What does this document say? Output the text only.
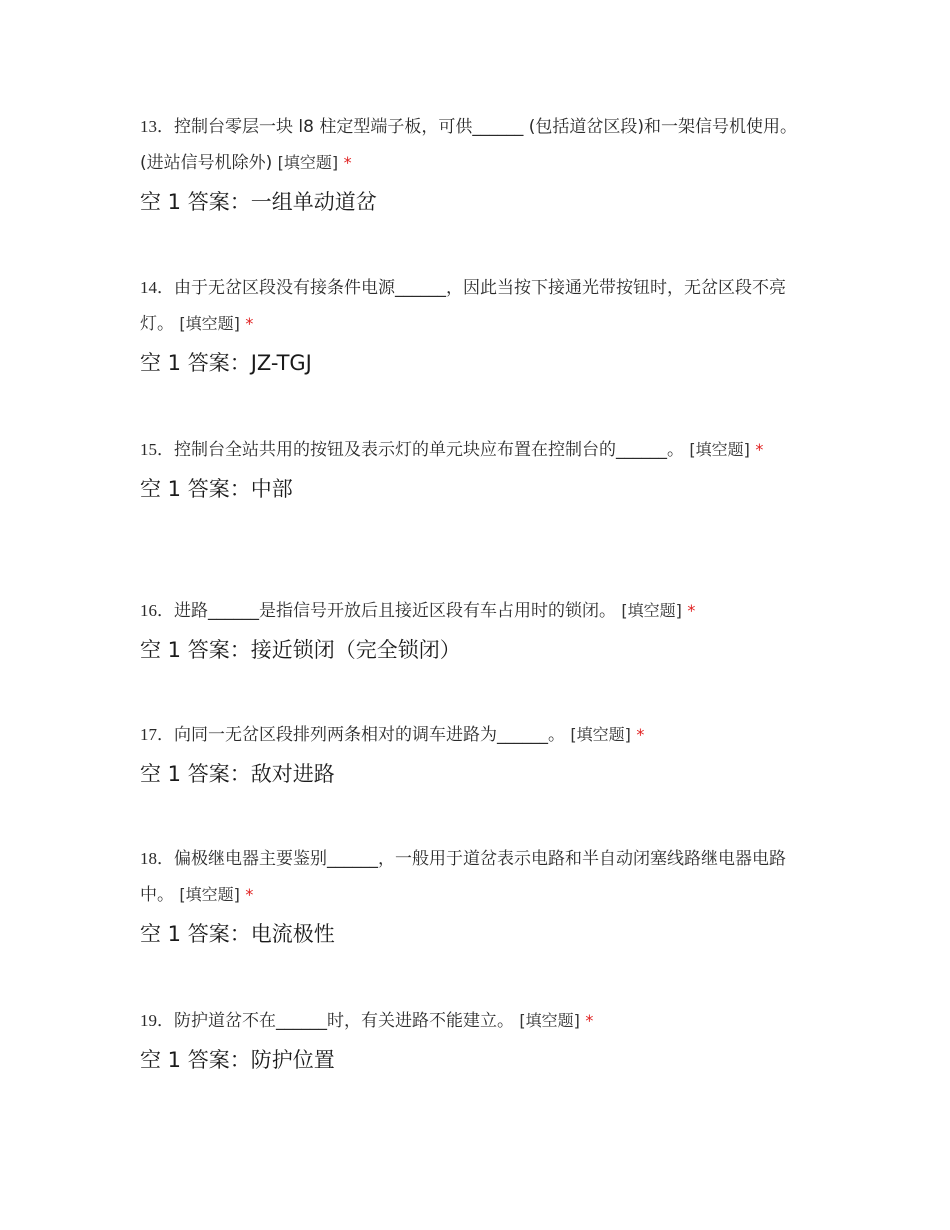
13．控制台零层一块 l8 柱定型端子板，可供______ (包括道岔区段)和一架信号机使用。(进站信号机除外) [填空题] *

空 1 答案：一组单动道岔

14．由于无岔区段没有接条件电源______，因此当按下接通光带按钮时，无岔区段不亮灯。 [填空题] *

空 1 答案：JZ-TGJ

15．控制台全站共用的按钮及表示灯的单元块应布置在控制台的______。 [填空题] *

空 1 答案：中部

16．进路______是指信号开放后且接近区段有车占用时的锁闭。 [填空题] *

空 1 答案：接近锁闭（完全锁闭）

17．向同一无岔区段排列两条相对的调车进路为______。 [填空题] *

空 1 答案：敌对进路

18．偏极继电器主要鉴别______，一般用于道岔表示电路和半自动闭塞线路继电器电路中。 [填空题] *

空 1 答案：电流极性

19．防护道岔不在______时，有关进路不能建立。 [填空题] *

空 1 答案：防护位置
